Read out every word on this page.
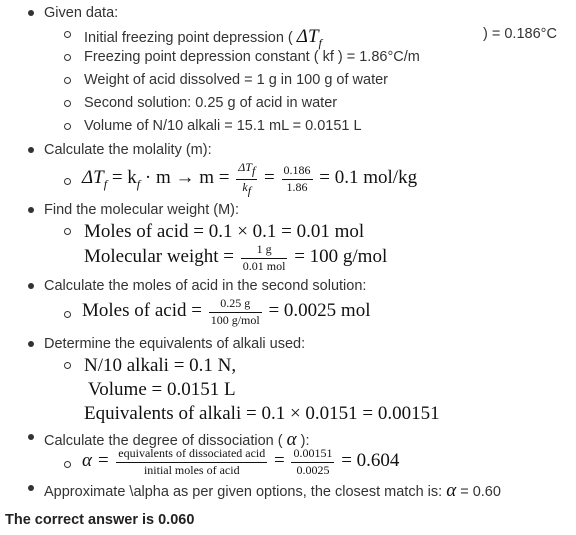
Given data:
Initial freezing point depression ( $\Delta T_f$
) = 0.186°C
Freezing point depression constant ( kf ) = 1.86°C/m
Weight of acid dissolved = 1 g in 100 g of water
Second solution: 0.25 g of acid in water
Volume of N/10 alkali = 15.1 mL = 0.0151 L
Calculate the molality (m):
$\Delta T_f = k_f \cdot m \to m = \frac{\Delta T_f}{k_f} = \frac{0.186}{1.86} = 0.1$ mol/kg
Find the molecular weight (M):
Moles of acid = 0.1 × 0.1 = 0.01 mol
Molecular weight = $\frac{1 g}{\text{0.01 mol}} = 100$ g/mol
Calculate the moles of acid in the second solution:
Moles of acid = $\frac{0.25 g}{\text{100 g/mol}} = 0.0025$ mol
Determine the equivalents of alkali used:
N/10 alkali = 0.1 N,
Volume = 0.0151 L
Equivalents of alkali = 0.1 × 0.0151 = 0.00151
Calculate the degree of dissociation ( α ):
$\alpha = \frac{\text{equivalents of dissociated acid}}{\text{initial moles of acid}} = \frac{0.00151}{0.0025} = 0.604$
Approximate \alpha as per given options, the closest match is: α = 0.60
The correct answer is 0.060
